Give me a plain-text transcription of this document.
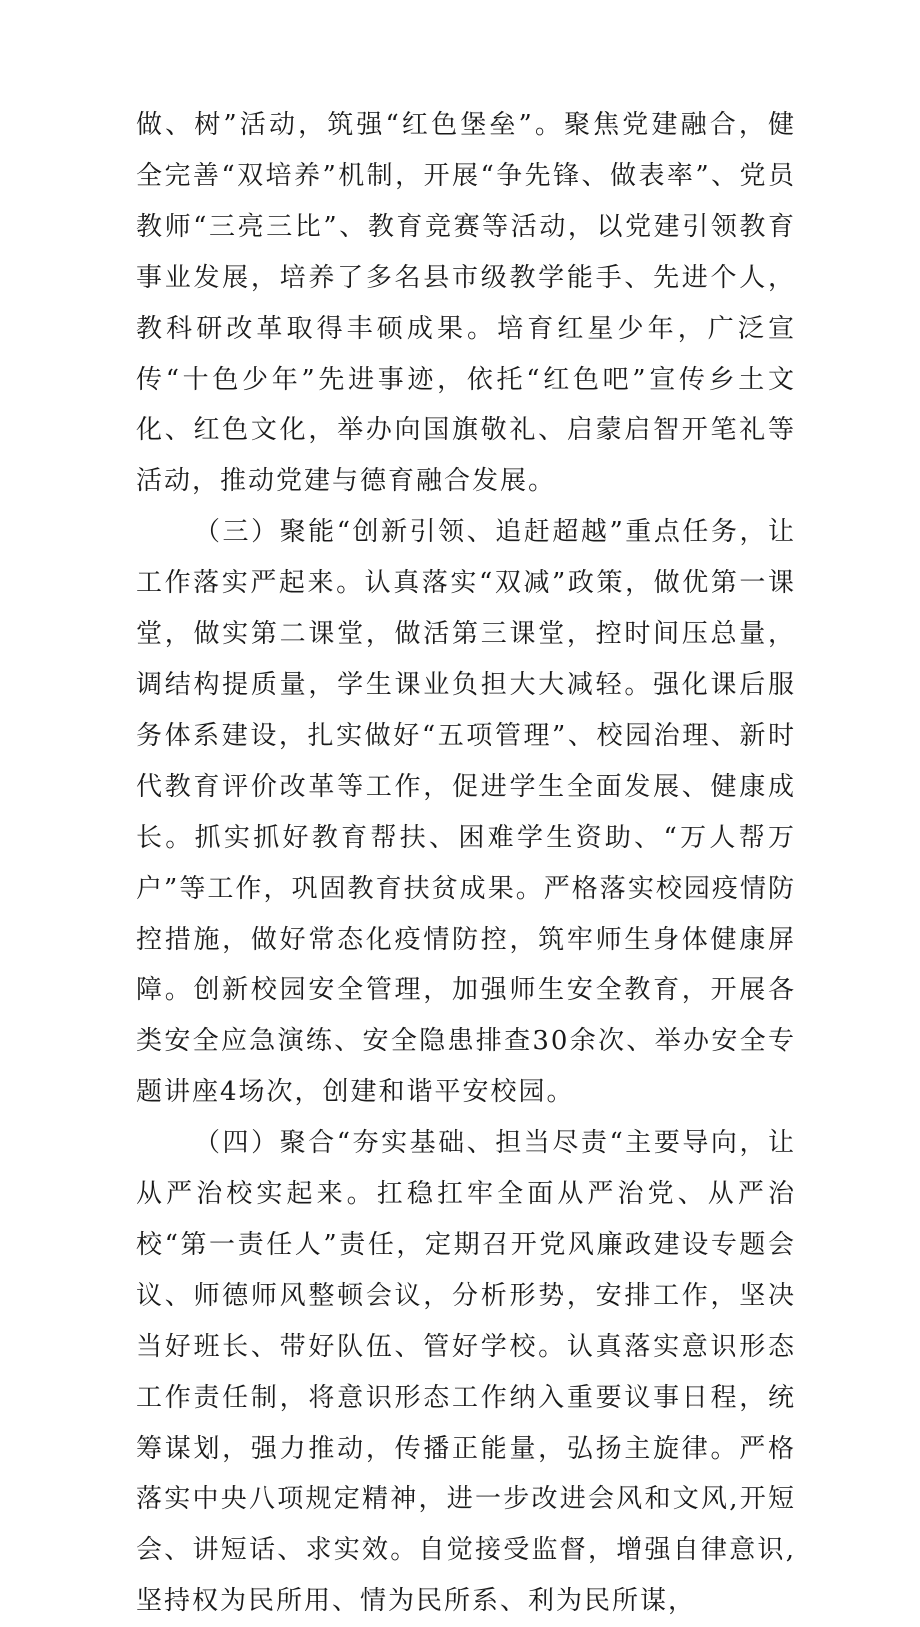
做、树”活动，筑强“红色堡垒”。聚焦党建融合，健全完善“双培养”机制，开展“争先锋、做表率”、党员教师“三亮三比”、教育竞赛等活动，以党建引领教育事业发展，培养了多名县市级教学能手、先进个人，教科研改革取得丰硕成果。培育红星少年，广泛宣传“十色少年”先进事迹，依托“红色吧”宣传乡土文化、红色文化，举办向国旗敬礼、启蒙启智开笔礼等活动，推动党建与德育融合发展。

（三）聚能“创新引领、追赶超越”重点任务，让工作落实严起来。认真落实“双减”政策，做优第一课堂，做实第二课堂，做活第三课堂，控时间压总量，调结构提质量，学生课业负担大大减轻。强化课后服务体系建设，扎实做好“五项管理”、校园治理、新时代教育评价改革等工作，促进学生全面发展、健康成长。抓实抓好教育帮扶、困难学生资助、“万人帮万户”等工作，巩固教育扶贫成果。严格落实校园疫情防控措施，做好常态化疫情防控，筑牢师生身体健康屏障。创新校园安全管理，加强师生安全教育，开展各类安全应急演练、安全隐患排查30余次、举办安全专题讲座4场次，创建和谐平安校园。

（四）聚合“夯实基础、担当尽责“主要导向，让从严治校实起来。扛稳扛牢全面从严治党、从严治校“第一责任人”责任，定期召开党风廉政建设专题会议、师德师风整顿会议，分析形势，安排工作，坚决当好班长、带好队伍、管好学校。认真落实意识形态工作责任制，将意识形态工作纳入重要议事日程，统筹谋划，强力推动，传播正能量，弘扬主旋律。严格落实中央八项规定精神，进一步改进会风和文风,开短会、讲短话、求实效。自觉接受监督，增强自律意识,坚持权为民所用、情为民所系、利为民所谋，
